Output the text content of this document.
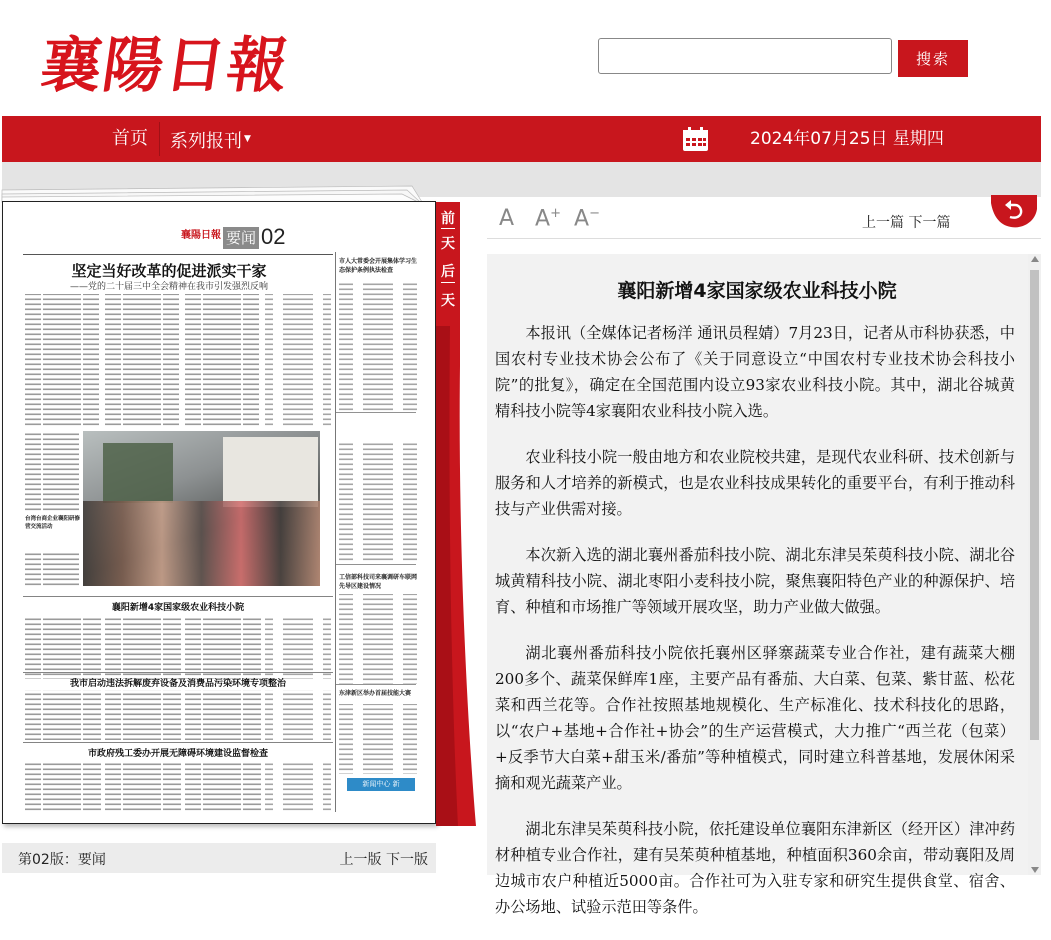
襄陽日報	搜索
首页	系列报刊 ▼	2024年07月25日 星期四
襄陽日報 要闻 02
坚定当好改革的促进派实干家
——党的二十届三中全会精神在我市引发强烈反响
台湾台商企业襄阳研修营交流活动
襄阳新增4家国家级农业科技小院
我市启动违法拆解废弃设备及消费品污染环境专项整治
市政府残工委办开展无障碍环境建设监督检查
市人大常委会开展集体学习生态保护条例执法检查
工信部科技司来襄调研车联网先导区建设情况
东津新区举办首届技能大赛
新闻中心 新
前
天
后
天
第02版：要闻	上一版 下一版
A A+ A−
上一篇 下一篇
襄阳新增4家国家级农业科技小院

本报讯（全媒体记者杨洋 通讯员程婧）7月23日，记者从市科协获悉，中国农村专业技术协会公布了《关于同意设立“中国农村专业技术协会科技小院”的批复》，确定在全国范围内设立93家农业科技小院。其中，湖北谷城黄精科技小院等4家襄阳农业科技小院入选。

农业科技小院一般由地方和农业院校共建，是现代农业科研、技术创新与服务和人才培养的新模式，也是农业科技成果转化的重要平台，有利于推动科技与产业供需对接。

本次新入选的湖北襄州番茄科技小院、湖北东津吴茱萸科技小院、湖北谷城黄精科技小院、湖北枣阳小麦科技小院，聚焦襄阳特色产业的种源保护、培育、种植和市场推广等领域开展攻坚，助力产业做大做强。

湖北襄州番茄科技小院依托襄州区驿寨蔬菜专业合作社，建有蔬菜大棚200多个、蔬菜保鲜库1座，主要产品有番茄、大白菜、包菜、紫甘蓝、松花菜和西兰花等。合作社按照基地规模化、生产标准化、技术科技化的思路，以“农户+基地+合作社+协会”的生产运营模式，大力推广“西兰花（包菜）+反季节大白菜+甜玉米/番茄”等种植模式，同时建立科普基地，发展休闲采摘和观光蔬菜产业。

湖北东津吴茱萸科技小院，依托建设单位襄阳东津新区（经开区）津冲药材种植专业合作社，建有吴茱萸种植基地，种植面积360余亩，带动襄阳及周边城市农户种植近5000亩。合作社可为入驻专家和研究生提供食堂、宿舍、办公场地、试验示范田等条件。
